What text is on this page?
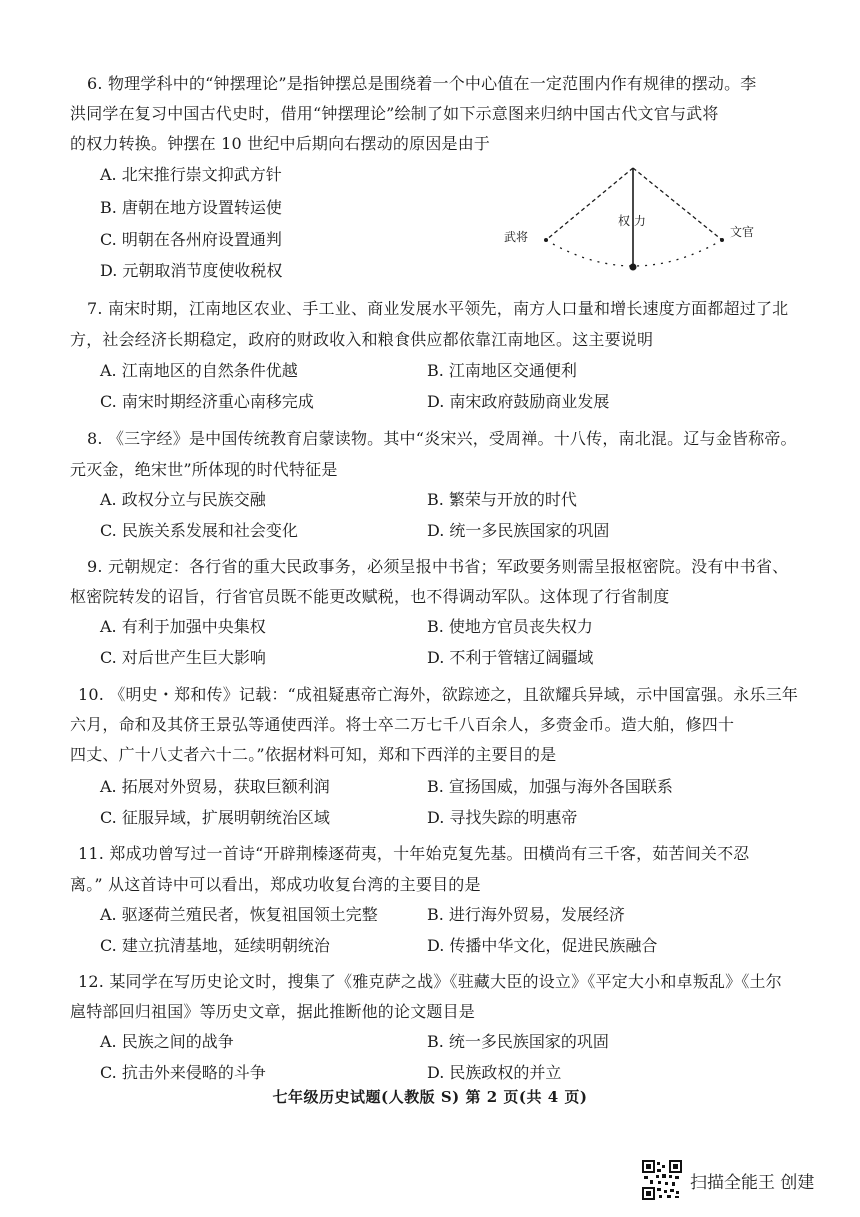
6. 物理学科中的“钟摆理论”是指钟摆总是围绕着一个中心值在一定范围内作有规律的摆动。李
洪同学在复习中国古代史时，借用“钟摆理论”绘制了如下示意图来归纳中国古代文官与武将
的权力转换。钟摆在 10 世纪中后期向右摆动的原因是由于
A. 北宋推行崇文抑武方针
B. 唐朝在地方设置转运使
C. 明朝在各州府设置通判
D. 元朝取消节度使收税权
武将	文官
权 力
7. 南宋时期，江南地区农业、手工业、商业发展水平领先，南方人口量和增长速度方面都超过了北
方，社会经济长期稳定，政府的财政收入和粮食供应都依靠江南地区。这主要说明
A. 江南地区的自然条件优越	B. 江南地区交通便利
C. 南宋时期经济重心南移完成	D. 南宋政府鼓励商业发展
8. 《三字经》是中国传统教育启蒙读物。其中“炎宋兴，受周禅。十八传，南北混。辽与金皆称帝。
元灭金，绝宋世”所体现的时代特征是
A. 政权分立与民族交融	B. 繁荣与开放的时代
C. 民族关系发展和社会变化	D. 统一多民族国家的巩固
9. 元朝规定：各行省的重大民政事务，必须呈报中书省；军政要务则需呈报枢密院。没有中书省、
枢密院转发的诏旨，行省官员既不能更改赋税，也不得调动军队。这体现了行省制度
A. 有利于加强中央集权	B. 使地方官员丧失权力
C. 对后世产生巨大影响	D. 不利于管辖辽阔疆域
10. 《明史・郑和传》记载：“成祖疑惠帝亡海外，欲踪迹之，且欲耀兵异域，示中国富强。永乐三年
六月，命和及其侪王景弘等通使西洋。将士卒二万七千八百余人，多赍金币。造大舶，修四十
四丈、广十八丈者六十二。”依据材料可知，郑和下西洋的主要目的是
A. 拓展对外贸易，获取巨额利润	B. 宣扬国威，加强与海外各国联系
C. 征服异域，扩展明朝统治区域	D. 寻找失踪的明惠帝
11. 郑成功曾写过一首诗“开辟荆榛逐荷夷，十年始克复先基。田横尚有三千客，茹苦间关不忍
离。” 从这首诗中可以看出，郑成功收复台湾的主要目的是
A. 驱逐荷兰殖民者，恢复祖国领土完整	B. 进行海外贸易，发展经济
C. 建立抗清基地，延续明朝统治	D. 传播中华文化，促进民族融合
12. 某同学在写历史论文时，搜集了《雅克萨之战》《驻藏大臣的设立》《平定大小和卓叛乱》《土尔
扈特部回归祖国》等历史文章，据此推断他的论文题目是
A. 民族之间的战争	B. 统一多民族国家的巩固
C. 抗击外来侵略的斗争	D. 民族政权的并立
七年级历史试题(人教版 S) 第 2 页(共 4 页)
扫描全能王 创建
